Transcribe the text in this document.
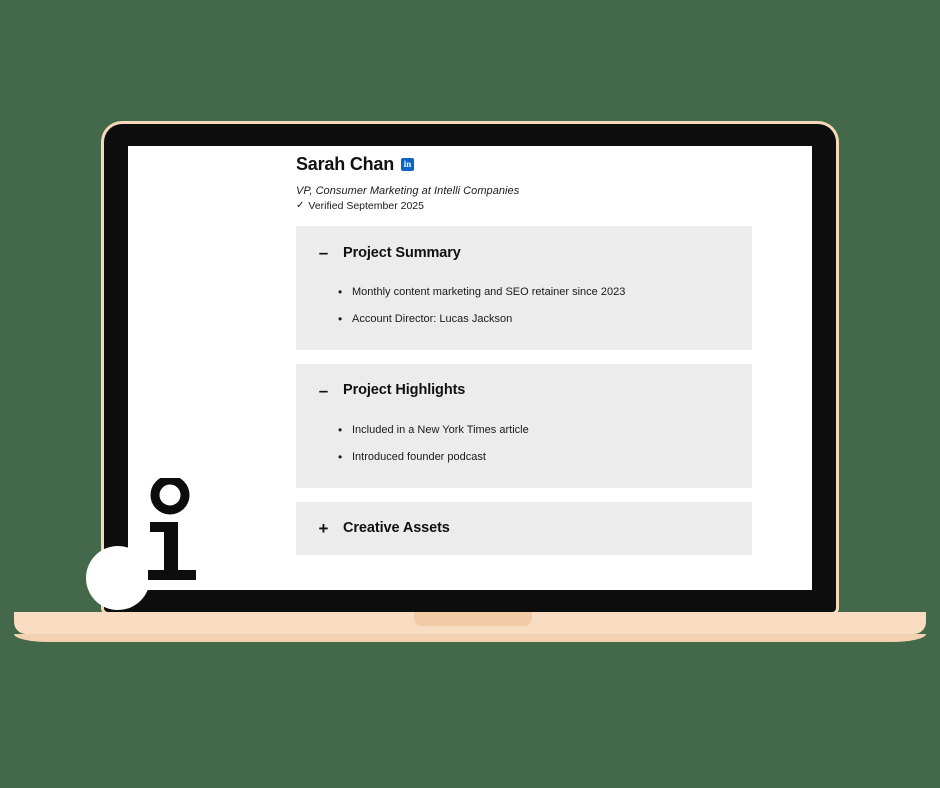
Sarah Chan	in
VP, Consumer Marketing at Intelli Companies
✓ Verified September 2025
– Project Summary
• Monthly content marketing and SEO retainer since 2023
• Account Director: Lucas Jackson
– Project Highlights
• Included in a New York Times article
• Introduced founder podcast
+ Creative Assets
